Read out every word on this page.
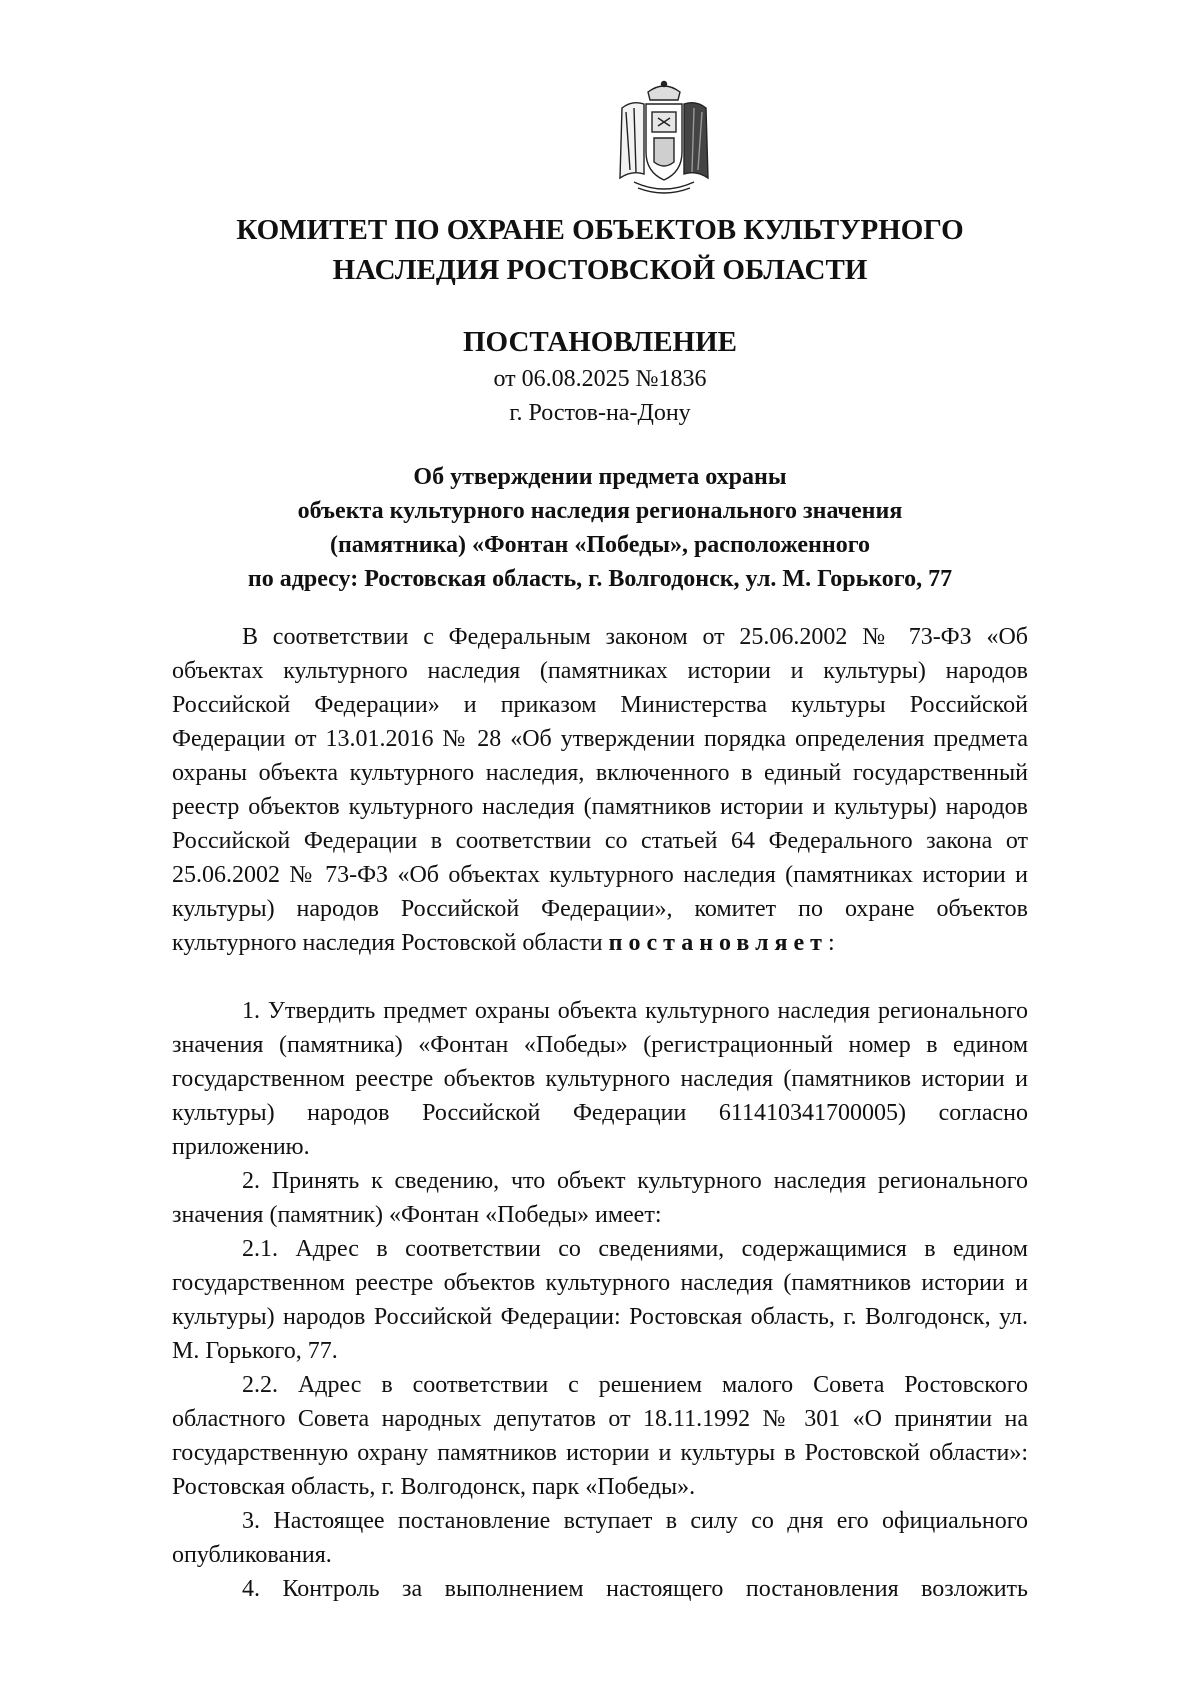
КОМИТЕТ ПО ОХРАНЕ ОБЪЕКТОВ КУЛЬТУРНОГО
НАСЛЕДИЯ РОСТОВСКОЙ ОБЛАСТИ
ПОСТАНОВЛЕНИЕ
от 06.08.2025 №1836
г. Ростов-на-Дону
Об утверждении предмета охраны
объекта культурного наследия регионального значения
(памятника) «Фонтан «Победы», расположенного
по адресу: Ростовская область, г. Волгодонск, ул. М. Горького, 77

В соответствии с Федеральным законом от 25.06.2002 № 73-ФЗ «Об объектах культурного наследия (памятниках истории и культуры) народов Российской Федерации» и приказом Министерства культуры Российской Федерации от 13.01.2016 № 28 «Об утверждении порядка определения предмета охраны объекта культурного наследия, включенного в единый государственный реестр объектов культурного наследия (памятников истории и культуры) народов Российской Федерации в соответствии со статьей 64 Федерального закона от 25.06.2002 № 73-ФЗ «Об объектах культурного наследия (памятниках истории и культуры) народов Российской Федерации», комитет по охране объектов культурного наследия Ростовской области постановляет:

1. Утвердить предмет охраны объекта культурного наследия регионального значения (памятника) «Фонтан «Победы» (регистрационный номер в едином государственном реестре объектов культурного наследия (памятников истории и культуры) народов Российской Федерации 611410341700005) согласно приложению.

2. Принять к сведению, что объект культурного наследия регионального значения (памятник) «Фонтан «Победы» имеет:

2.1. Адрес в соответствии со сведениями, содержащимися в едином государственном реестре объектов культурного наследия (памятников истории и культуры) народов Российской Федерации: Ростовская область, г. Волгодонск, ул. М. Горького, 77.

2.2. Адрес в соответствии с решением малого Совета Ростовского областного Совета народных депутатов от 18.11.1992 № 301 «О принятии на государственную охрану памятников истории и культуры в Ростовской области»: Ростовская область, г. Волгодонск, парк «Победы».

3. Настоящее постановление вступает в силу со дня его официального опубликования.

4. Контроль за выполнением настоящего постановления возложить
